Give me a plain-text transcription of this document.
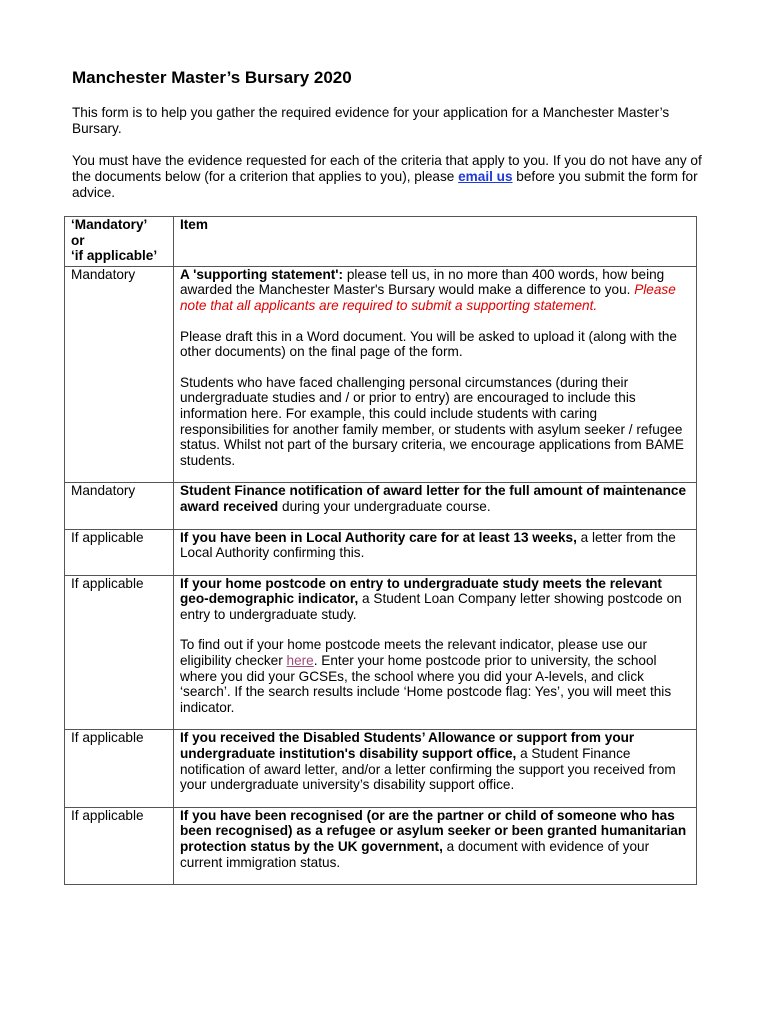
Manchester Master’s Bursary 2020

This form is to help you gather the required evidence for your application for a Manchester Master’s Bursary.

You must have the evidence requested for each of the criteria that apply to you. If you do not have any of the documents below (for a criterion that applies to you), please email us before you submit the form for advice.

‘Mandatory’
or
‘if applicable’	Item
Mandatory	A 'supporting statement': please tell us, in no more than 400 words, how being awarded the Manchester Master's Bursary would make a difference to you. Please note that all applicants are required to submit a supporting statement.

Please draft this in a Word document. You will be asked to upload it (along with the other documents) on the final page of the form.

Students who have faced challenging personal circumstances (during their undergraduate studies and / or prior to entry) are encouraged to include this information here. For example, this could include students with caring responsibilities for another family member, or students with asylum seeker / refugee status. Whilst not part of the bursary criteria, we encourage applications from BAME students.

Mandatory	Student Finance notification of award letter for the full amount of maintenance award received during your undergraduate course.

If applicable	If you have been in Local Authority care for at least 13 weeks, a letter from the Local Authority confirming this.

If applicable	If your home postcode on entry to undergraduate study meets the relevant geo-demographic indicator, a Student Loan Company letter showing postcode on entry to undergraduate study.

To find out if your home postcode meets the relevant indicator, please use our eligibility checker here. Enter your home postcode prior to university, the school where you did your GCSEs, the school where you did your A-levels, and click ‘search’. If the search results include ‘Home postcode flag: Yes’, you will meet this indicator.

If applicable	If you received the Disabled Students’ Allowance or support from your undergraduate institution's disability support office, a Student Finance notification of award letter, and/or a letter confirming the support you received from your undergraduate university’s disability support office.

If applicable	If you have been recognised (or are the partner or child of someone who has been recognised) as a refugee or asylum seeker or been granted humanitarian protection status by the UK government, a document with evidence of your current immigration status.
